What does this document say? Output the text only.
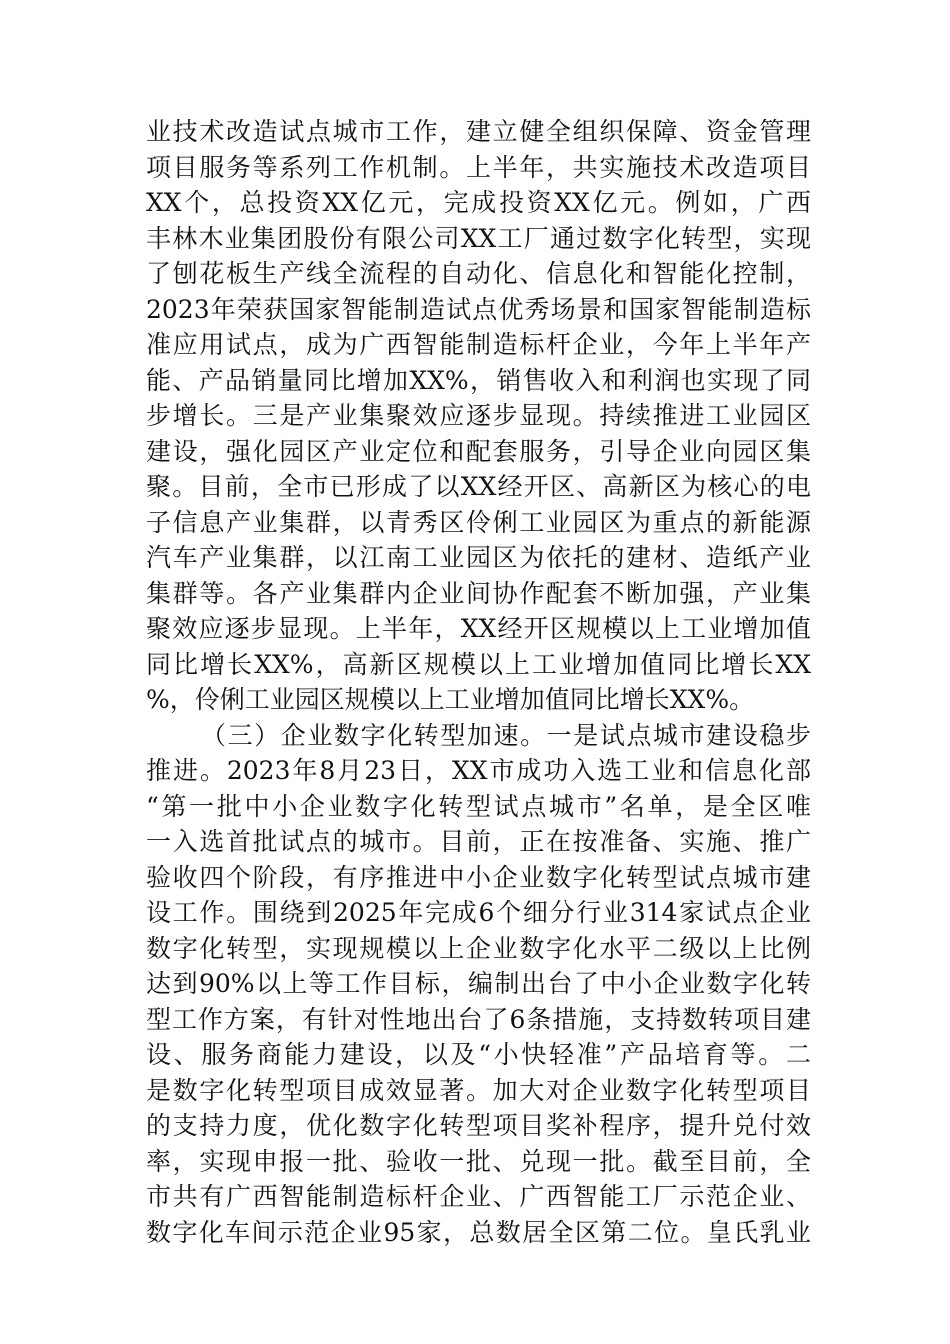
业技术改造试点城市工作，建立健全组织保障、资金管理
项目服务等系列工作机制。上半年，共实施技术改造项目
XX个，总投资XX亿元，完成投资XX亿元。例如，广西
丰林木业集团股份有限公司XX工厂通过数字化转型，实现
了刨花板生产线全流程的自动化、信息化和智能化控制，
2023年荣获国家智能制造试点优秀场景和国家智能制造标
准应用试点，成为广西智能制造标杆企业，今年上半年产
能、产品销量同比增加XX%，销售收入和利润也实现了同
步增长。三是产业集聚效应逐步显现。持续推进工业园区
建设，强化园区产业定位和配套服务，引导企业向园区集
聚。目前，全市已形成了以XX经开区、高新区为核心的电
子信息产业集群，以青秀区伶俐工业园区为重点的新能源
汽车产业集群，以江南工业园区为依托的建材、造纸产业
集群等。各产业集群内企业间协作配套不断加强，产业集
聚效应逐步显现。上半年，XX经开区规模以上工业增加值
同比增长XX%，高新区规模以上工业增加值同比增长XX
%，伶俐工业园区规模以上工业增加值同比增长XX%。
（三）企业数字化转型加速。一是试点城市建设稳步
推进。2023年8月23日，XX市成功入选工业和信息化部
“第一批中小企业数字化转型试点城市”名单，是全区唯
一入选首批试点的城市。目前，正在按准备、实施、推广
验收四个阶段，有序推进中小企业数字化转型试点城市建
设工作。围绕到2025年完成6个细分行业314家试点企业
数字化转型，实现规模以上企业数字化水平二级以上比例
达到90%以上等工作目标，编制出台了中小企业数字化转
型工作方案，有针对性地出台了6条措施，支持数转项目建
设、服务商能力建设，以及“小快轻准”产品培育等。二
是数字化转型项目成效显著。加大对企业数字化转型项目
的支持力度，优化数字化转型项目奖补程序，提升兑付效
率，实现申报一批、验收一批、兑现一批。截至目前，全
市共有广西智能制造标杆企业、广西智能工厂示范企业、
数字化车间示范企业95家，总数居全区第二位。皇氏乳业
